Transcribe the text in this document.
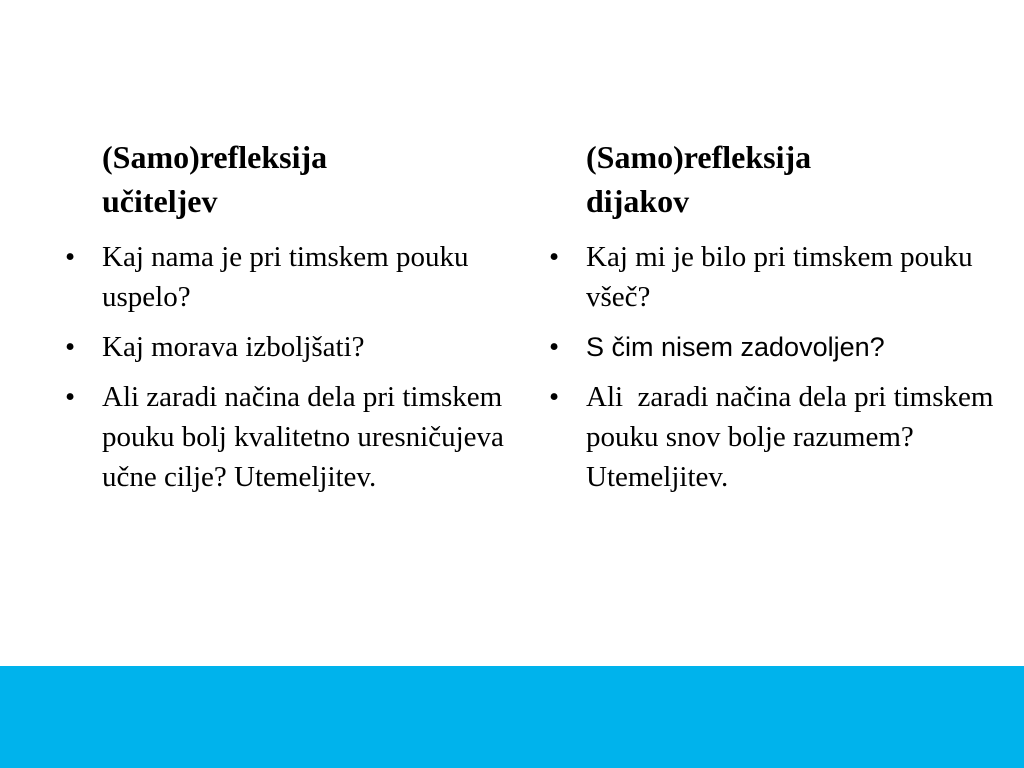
(Samo)refleksija
učiteljev
• Kaj nama je pri timskem pouku uspelo?
• Kaj morava izboljšati?
• Ali zaradi načina dela pri timskem pouku bolj kvalitetno uresničujeva učne cilje? Utemeljitev.
(Samo)refleksija
dijakov
• Kaj mi je bilo pri timskem pouku všeč?
• S čim nisem zadovoljen?
• Ali  zaradi načina dela pri timskem pouku snov bolje razumem? Utemeljitev.
